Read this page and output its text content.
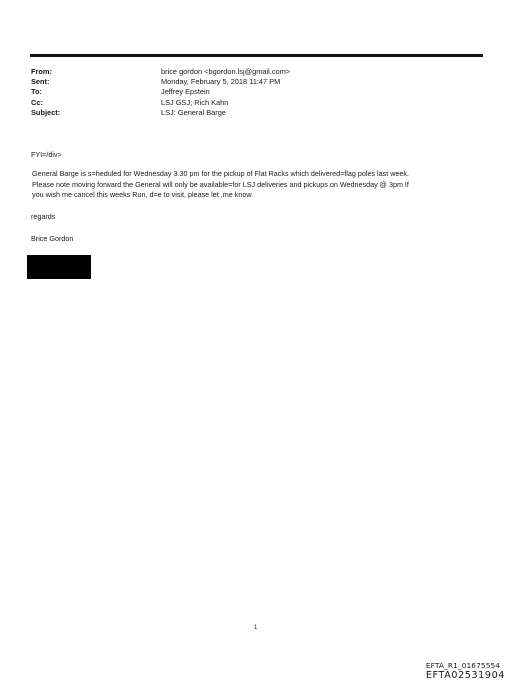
From:	brice gordon <bgordon.lsj@gmail.com>
Sent:	Monday, February 5, 2018 11:47 PM
To:	Jeffrey Epstein
Cc:	LSJ GSJ; Rich Kahn
Subject:	LSJ: General Barge

FYI=/div>

General Barge is s=heduled for Wednesday 3.30 pm for the pickup of Flat Racks which delivered=flag poles last week.

Please note moving forward the General will only be available=for LSJ deliveries and pickups on Wednesday @ 3pm If

you wish me cancel this weeks Run, d=e to visit, please let ,me know.

regards

Brice Gordon

1
EFTA_R1_01675554
EFTA02531904
